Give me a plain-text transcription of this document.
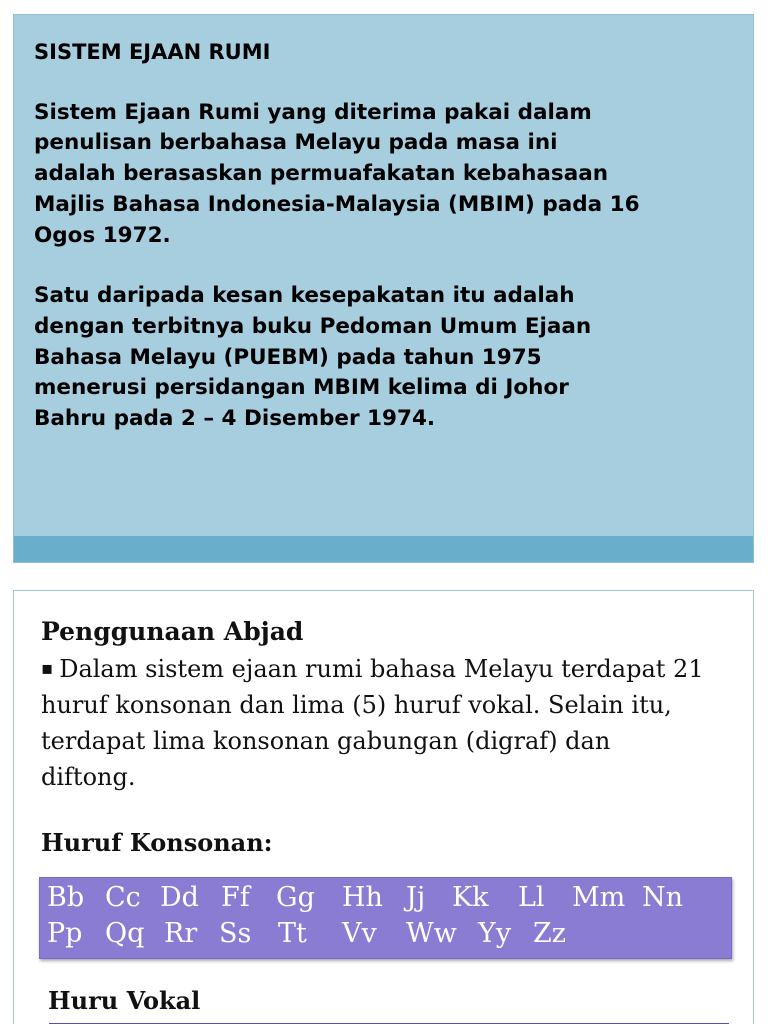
SISTEM EJAAN RUMI

Sistem Ejaan Rumi yang diterima pakai dalam
penulisan berbahasa Melayu pada masa ini
adalah berasaskan permuafakatan kebahasaan
Majlis Bahasa Indonesia-Malaysia (MBIM) pada 16
Ogos 1972.

Satu daripada kesan kesepakatan itu adalah
dengan terbitnya buku Pedoman Umum Ejaan
Bahasa Melayu (PUEBM) pada tahun 1975
menerusi persidangan MBIM kelima di Johor
Bahru pada 2 – 4 Disember 1974.

Penggunaan Abjad
▪ Dalam sistem ejaan rumi bahasa Melayu terdapat 21
huruf konsonan dan lima (5) huruf vokal. Selain itu,
terdapat lima konsonan gabungan (digraf) dan
diftong.
Huruf Konsonan:
Bb Cc Dd Ff Gg Hh Jj Kk Ll Mm Nn
Pp Qq Rr Ss Tt Vv Ww Yy Zz
Huru Vokal
